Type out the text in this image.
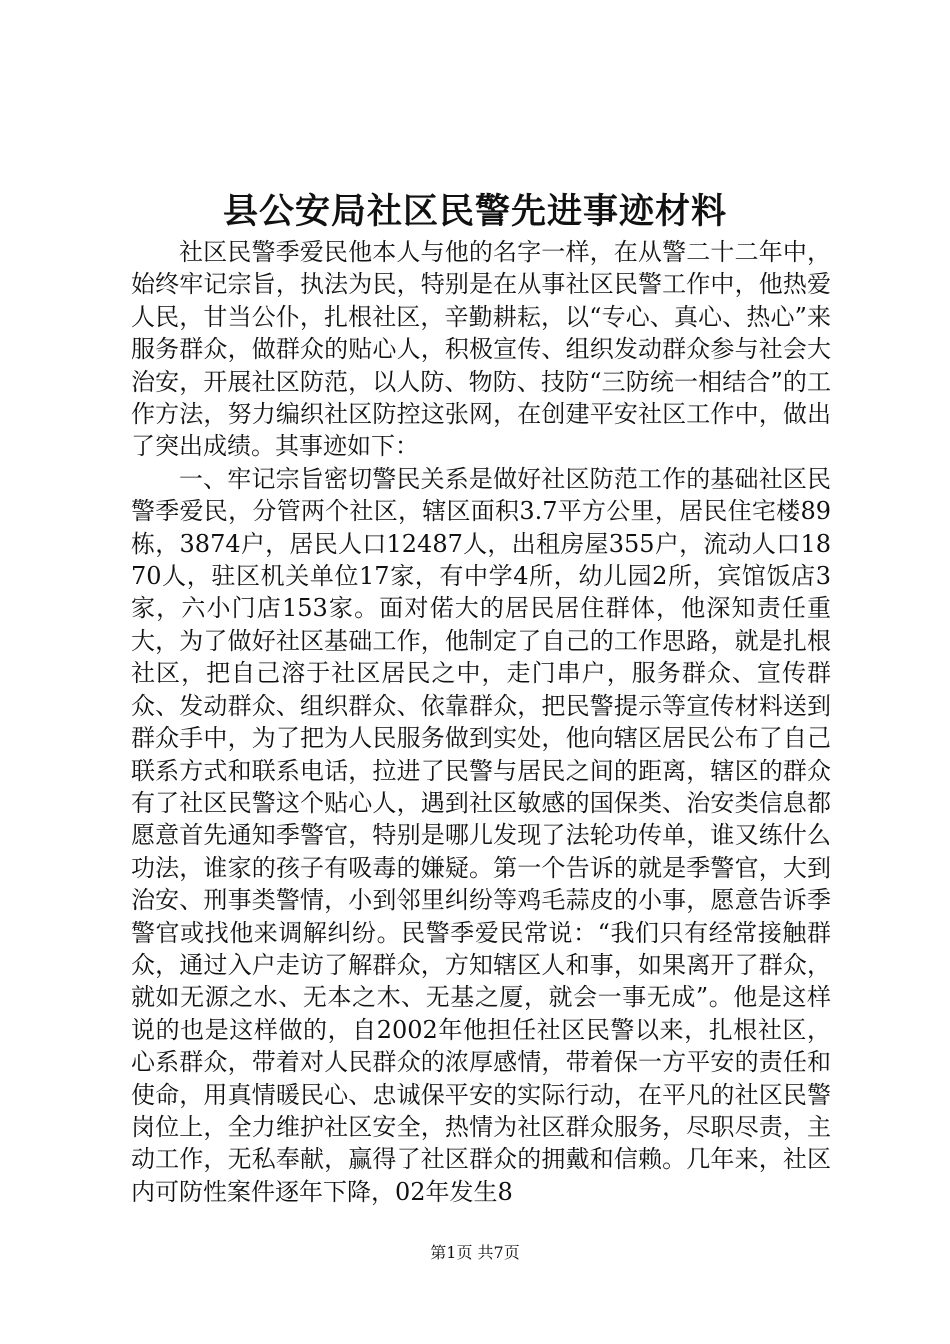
县公安局社区民警先进事迹材料

社区民警季爱民他本人与他的名字一样，在从警二十二年中，始终牢记宗旨，执法为民，特别是在从事社区民警工作中，他热爱人民，甘当公仆，扎根社区，辛勤耕耘，以“专心、真心、热心”来服务群众，做群众的贴心人，积极宣传、组织发动群众参与社会大治安，开展社区防范，以人防、物防、技防“三防统一相结合”的工作方法，努力编织社区防控这张网，在创建平安社区工作中，做出了突出成绩。其事迹如下：

一、牢记宗旨密切警民关系是做好社区防范工作的基础社区民警季爱民，分管两个社区，辖区面积3.7平方公里，居民住宅楼89栋，3874户，居民人口12487人，出租房屋355户，流动人口1870人，驻区机关单位17家，有中学4所，幼儿园2所，宾馆饭店3家，六小门店153家。面对偌大的居民居住群体，他深知责任重大，为了做好社区基础工作，他制定了自己的工作思路，就是扎根社区，把自己溶于社区居民之中，走门串户，服务群众、宣传群众、发动群众、组织群众、依靠群众，把民警提示等宣传材料送到群众手中，为了把为人民服务做到实处，他向辖区居民公布了自己联系方式和联系电话，拉进了民警与居民之间的距离，辖区的群众有了社区民警这个贴心人，遇到社区敏感的国保类、治安类信息都愿意首先通知季警官，特别是哪儿发现了法轮功传单，谁又练什么功法，谁家的孩子有吸毒的嫌疑。第一个告诉的就是季警官，大到治安、刑事类警情，小到邻里纠纷等鸡毛蒜皮的小事，愿意告诉季警官或找他来调解纠纷。民警季爱民常说：“我们只有经常接触群众，通过入户走访了解群众，方知辖区人和事，如果离开了群众，就如无源之水、无本之木、无基之厦，就会一事无成”。他是这样说的也是这样做的，自2002年他担任社区民警以来，扎根社区，心系群众，带着对人民群众的浓厚感情，带着保一方平安的责任和使命，用真情暖民心、忠诚保平安的实际行动，在平凡的社区民警岗位上，全力维护社区安全，热情为社区群众服务，尽职尽责，主动工作，无私奉献，赢得了社区群众的拥戴和信赖。几年来，社区内可防性案件逐年下降，02年发生8

第1页 共7页
